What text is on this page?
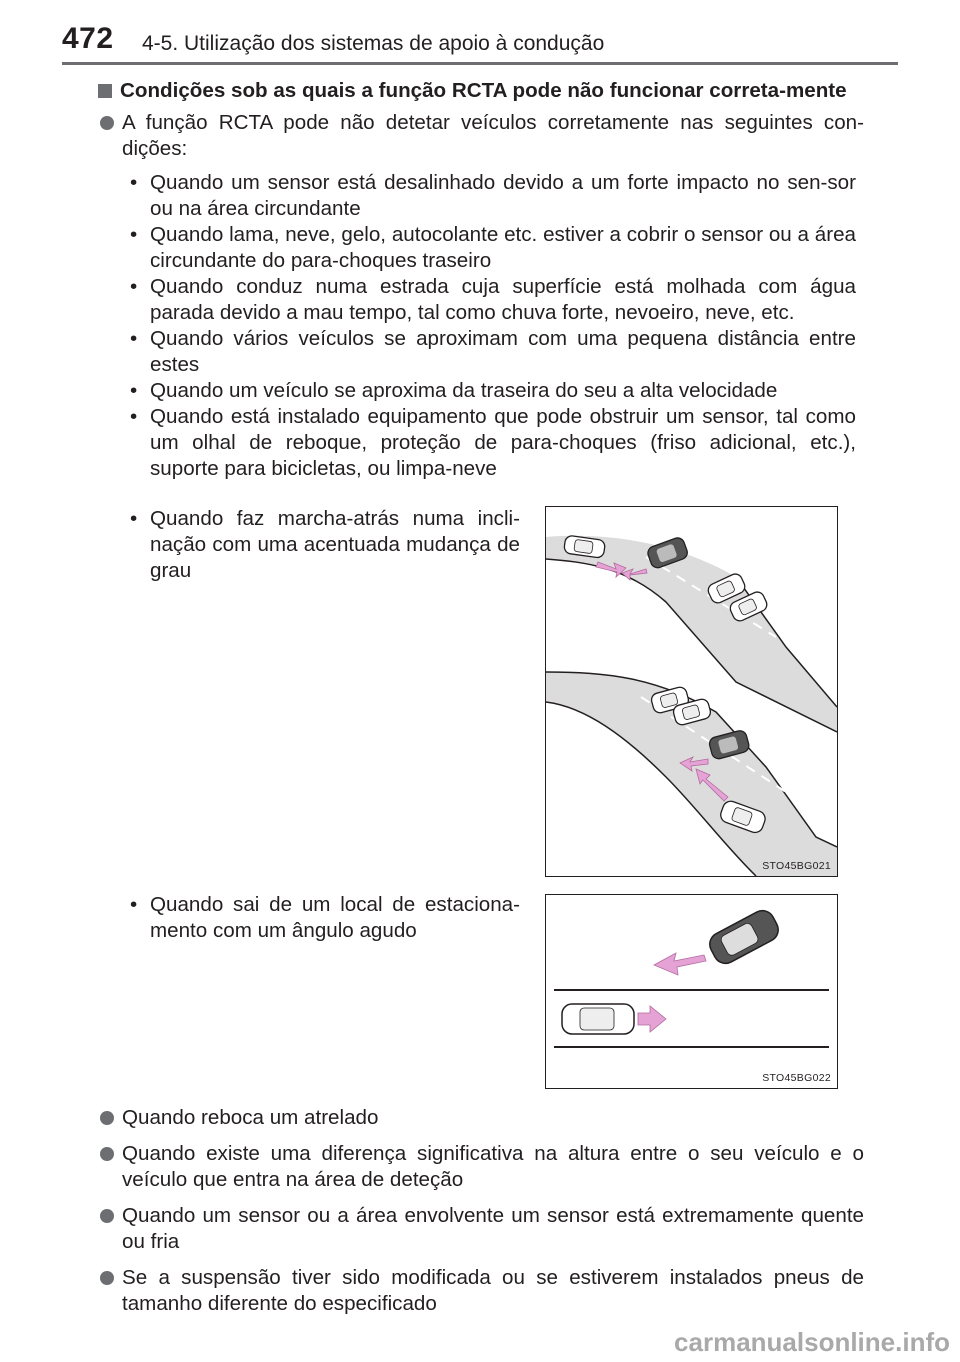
472 4-5. Utilização dos sistemas de apoio à condução
Condições sob as quais a função RCTA pode não funcionar correta-mente
A função RCTA pode não detetar veículos corretamente nas seguintes con-dições:
• Quando um sensor está desalinhado devido a um forte impacto no sen-sor ou na área circundante
• Quando lama, neve, gelo, autocolante etc. estiver a cobrir o sensor ou a área circundante do para-choques traseiro
• Quando conduz numa estrada cuja superfície está molhada com água parada devido a mau tempo, tal como chuva forte, nevoeiro, neve, etc.
• Quando vários veículos se aproximam com uma pequena distância entre estes
• Quando um veículo se aproxima da traseira do seu a alta velocidade
• Quando está instalado equipamento que pode obstruir um sensor, tal como um olhal de reboque, proteção de para-choques (friso adicional, etc.), suporte para bicicletas, ou limpa-neve
• Quando faz marcha-atrás numa incli-nação com uma acentuada mudança de grau
STO45BG021
• Quando sai de um local de estaciona-mento com um ângulo agudo
STO45BG022
Quando reboca um atrelado
Quando existe uma diferença significativa na altura entre o seu veículo e o veículo que entra na área de deteção
Quando um sensor ou a área envolvente um sensor está extremamente quente ou fria
Se a suspensão tiver sido modificada ou se estiverem instalados pneus de tamanho diferente do especificado
carmanualsonline.info
